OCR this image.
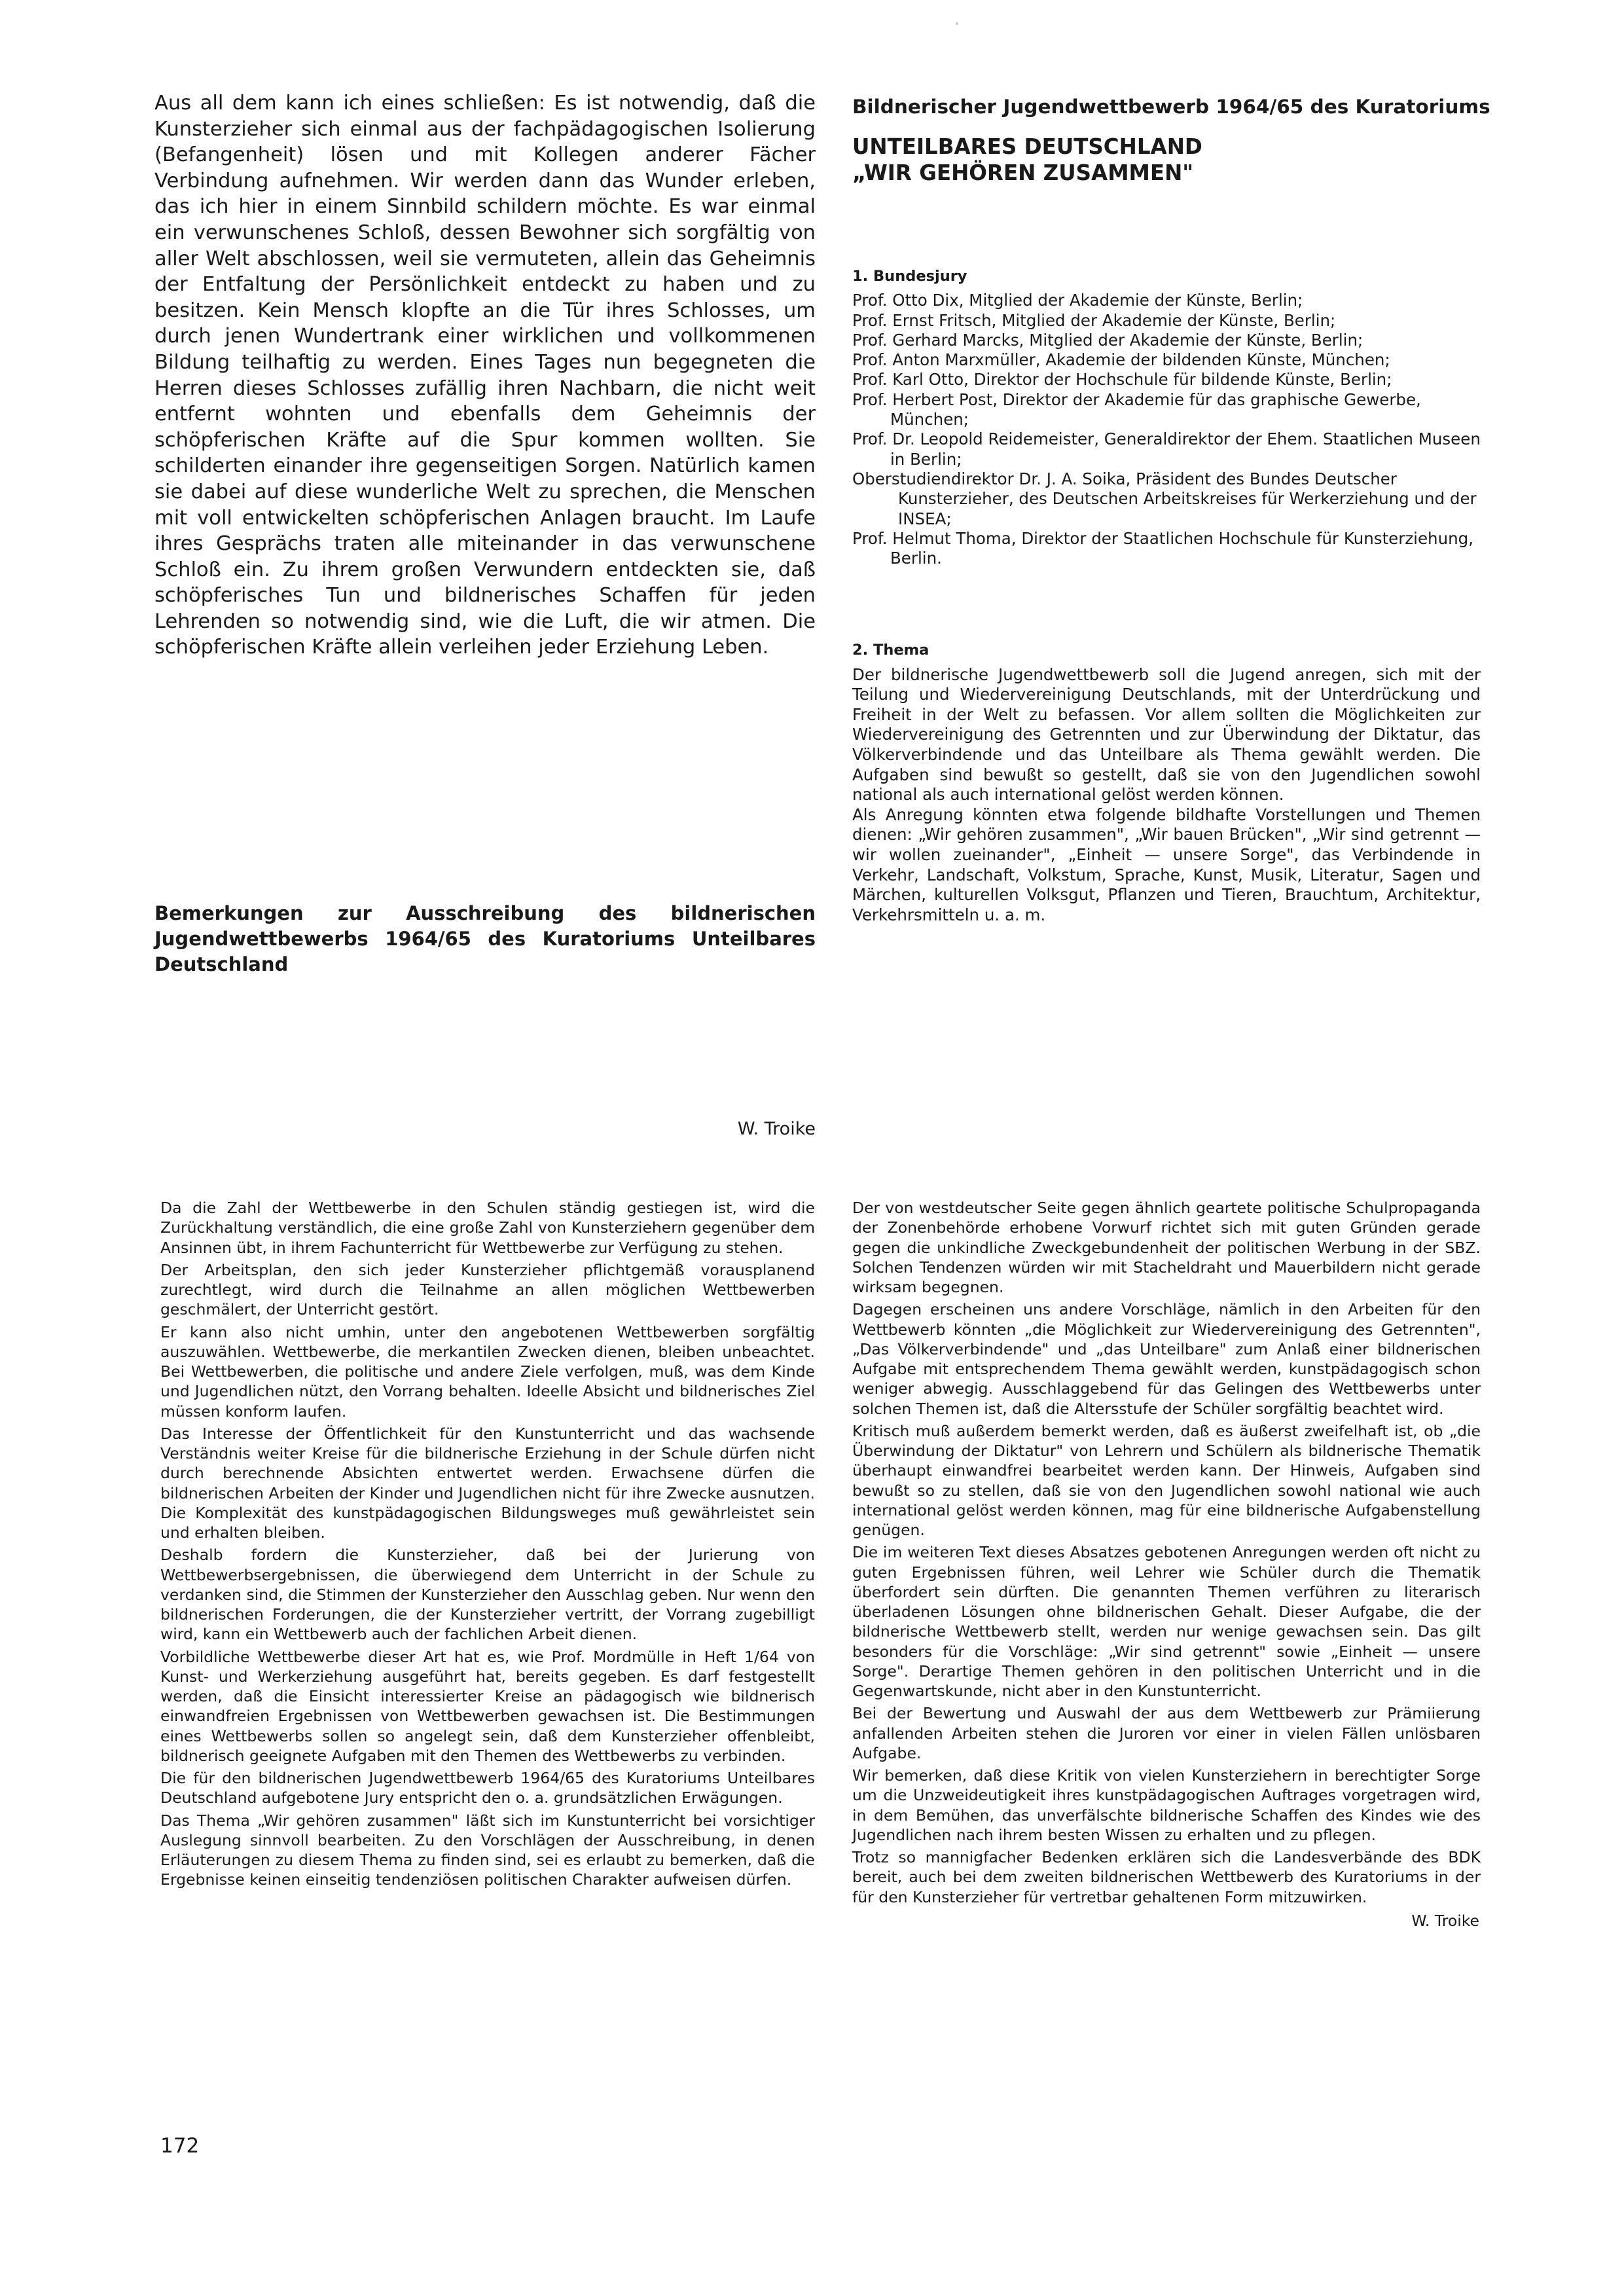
Aus all dem kann ich eines schließen: Es ist notwendig, daß die Kunsterzieher sich einmal aus der fachpädagogischen Isolierung (Befangenheit) lösen und mit Kollegen anderer Fächer Verbindung aufnehmen. Wir werden dann das Wunder erleben, das ich hier in einem Sinnbild schildern möchte. Es war einmal ein verwunschenes Schloß, dessen Bewohner sich sorgfältig von aller Welt abschlossen, weil sie vermuteten, allein das Geheimnis der Entfaltung der Persönlichkeit entdeckt zu haben und zu besitzen. Kein Mensch klopfte an die Tür ihres Schlosses, um durch jenen Wundertrank einer wirklichen und vollkommenen Bildung teilhaftig zu werden. Eines Tages nun begegneten die Herren dieses Schlosses zufällig ihren Nachbarn, die nicht weit entfernt wohnten und ebenfalls dem Geheimnis der schöpferischen Kräfte auf die Spur kommen wollten. Sie schilderten einander ihre gegenseitigen Sorgen. Natürlich kamen sie dabei auf diese wunderliche Welt zu sprechen, die Menschen mit voll entwickelten schöpferischen Anlagen braucht. Im Laufe ihres Gesprächs traten alle miteinander in das verwunschene Schloß ein. Zu ihrem großen Verwundern entdeckten sie, daß schöpferisches Tun und bildnerisches Schaffen für jeden Lehrenden so notwendig sind, wie die Luft, die wir atmen. Die schöpferischen Kräfte allein verleihen jeder Erziehung Leben.
Bemerkungen zur Ausschreibung des bildnerischen Jugendwettbewerbs 1964/65 des Kuratoriums Unteilbares Deutschland
W. Troike
Bildnerischer Jugendwettbewerb 1964/65 des Kuratoriums
UNTEILBARES DEUTSCHLAND
„WIR GEHÖREN ZUSAMMEN"
1. Bundesjury
Prof. Otto Dix, Mitglied der Akademie der Künste, Berlin;
Prof. Ernst Fritsch, Mitglied der Akademie der Künste, Berlin;
Prof. Gerhard Marcks, Mitglied der Akademie der Künste, Berlin;
Prof. Anton Marxmüller, Akademie der bildenden Künste, München;
Prof. Karl Otto, Direktor der Hochschule für bildende Künste, Berlin;
Prof. Herbert Post, Direktor der Akademie für das graphische Gewerbe, München;
Prof. Dr. Leopold Reidemeister, Generaldirektor der Ehem. Staatlichen Museen in Berlin;
Oberstudiendirektor Dr. J. A. Soika, Präsident des Bundes Deutscher Kunsterzieher, des Deutschen Arbeitskreises für Werkerziehung und der INSEA;
Prof. Helmut Thoma, Direktor der Staatlichen Hochschule für Kunsterziehung, Berlin.
2. Thema

Der bildnerische Jugendwettbewerb soll die Jugend anregen, sich mit der Teilung und Wiedervereinigung Deutschlands, mit der Unterdrückung und Freiheit in der Welt zu befassen. Vor allem sollten die Möglichkeiten zur Wiedervereinigung des Getrennten und zur Überwindung der Diktatur, das Völkerverbindende und das Unteilbare als Thema gewählt werden. Die Aufgaben sind bewußt so gestellt, daß sie von den Jugendlichen sowohl national als auch international gelöst werden können.

Als Anregung könnten etwa folgende bildhafte Vorstellungen und Themen dienen: „Wir gehören zusammen", „Wir bauen Brücken", „Wir sind getrennt — wir wollen zueinander", „Einheit — unsere Sorge", das Verbindende in Verkehr, Landschaft, Volkstum, Sprache, Kunst, Musik, Literatur, Sagen und Märchen, kulturellen Volksgut, Pflanzen und Tieren, Brauchtum, Architektur, Verkehrsmitteln u. a. m.

Da die Zahl der Wettbewerbe in den Schulen ständig gestiegen ist, wird die Zurückhaltung verständlich, die eine große Zahl von Kunsterziehern gegenüber dem Ansinnen übt, in ihrem Fachunterricht für Wettbewerbe zur Verfügung zu stehen.

Der Arbeitsplan, den sich jeder Kunsterzieher pflichtgemäß vorausplanend zurechtlegt, wird durch die Teilnahme an allen möglichen Wettbewerben geschmälert, der Unterricht gestört.

Er kann also nicht umhin, unter den angebotenen Wettbewerben sorgfältig auszuwählen. Wettbewerbe, die merkantilen Zwecken dienen, bleiben unbeachtet. Bei Wettbewerben, die politische und andere Ziele verfolgen, muß, was dem Kinde und Jugendlichen nützt, den Vorrang behalten. Ideelle Absicht und bildnerisches Ziel müssen konform laufen.

Das Interesse der Öffentlichkeit für den Kunstunterricht und das wachsende Verständnis weiter Kreise für die bildnerische Erziehung in der Schule dürfen nicht durch berechnende Absichten entwertet werden. Erwachsene dürfen die bildnerischen Arbeiten der Kinder und Jugendlichen nicht für ihre Zwecke ausnutzen. Die Komplexität des kunstpädagogischen Bildungsweges muß gewährleistet sein und erhalten bleiben.

Deshalb fordern die Kunsterzieher, daß bei der Jurierung von Wettbewerbsergebnissen, die überwiegend dem Unterricht in der Schule zu verdanken sind, die Stimmen der Kunsterzieher den Ausschlag geben. Nur wenn den bildnerischen Forderungen, die der Kunsterzieher vertritt, der Vorrang zugebilligt wird, kann ein Wettbewerb auch der fachlichen Arbeit dienen.

Vorbildliche Wettbewerbe dieser Art hat es, wie Prof. Mordmülle in Heft 1/64 von Kunst- und Werkerziehung ausgeführt hat, bereits gegeben. Es darf festgestellt werden, daß die Einsicht interessierter Kreise an pädagogisch wie bildnerisch einwandfreien Ergebnissen von Wettbewerben gewachsen ist. Die Bestimmungen eines Wettbewerbs sollen so angelegt sein, daß dem Kunsterzieher offenbleibt, bildnerisch geeignete Aufgaben mit den Themen des Wettbewerbs zu verbinden.

Die für den bildnerischen Jugendwettbewerb 1964/65 des Kuratoriums Unteilbares Deutschland aufgebotene Jury entspricht den o. a. grundsätzlichen Erwägungen.

Das Thema „Wir gehören zusammen" läßt sich im Kunstunterricht bei vorsichtiger Auslegung sinnvoll bearbeiten. Zu den Vorschlägen der Ausschreibung, in denen Erläuterungen zu diesem Thema zu finden sind, sei es erlaubt zu bemerken, daß die Ergebnisse keinen einseitig tendenziösen politischen Charakter aufweisen dürfen.

Der von westdeutscher Seite gegen ähnlich geartete politische Schulpropaganda der Zonenbehörde erhobene Vorwurf richtet sich mit guten Gründen gerade gegen die unkindliche Zweckgebundenheit der politischen Werbung in der SBZ. Solchen Tendenzen würden wir mit Stacheldraht und Mauerbildern nicht gerade wirksam begegnen.

Dagegen erscheinen uns andere Vorschläge, nämlich in den Arbeiten für den Wettbewerb könnten „die Möglichkeit zur Wiedervereinigung des Getrennten", „Das Völkerverbindende" und „das Unteilbare" zum Anlaß einer bildnerischen Aufgabe mit entsprechendem Thema gewählt werden, kunstpädagogisch schon weniger abwegig. Ausschlaggebend für das Gelingen des Wettbewerbs unter solchen Themen ist, daß die Altersstufe der Schüler sorgfältig beachtet wird.

Kritisch muß außerdem bemerkt werden, daß es äußerst zweifelhaft ist, ob „die Überwindung der Diktatur" von Lehrern und Schülern als bildnerische Thematik überhaupt einwandfrei bearbeitet werden kann. Der Hinweis, Aufgaben sind bewußt so zu stellen, daß sie von den Jugendlichen sowohl national wie auch international gelöst werden können, mag für eine bildnerische Aufgabenstellung genügen.

Die im weiteren Text dieses Absatzes gebotenen Anregungen werden oft nicht zu guten Ergebnissen führen, weil Lehrer wie Schüler durch die Thematik überfordert sein dürften. Die genannten Themen verführen zu literarisch überladenen Lösungen ohne bildnerischen Gehalt. Dieser Aufgabe, die der bildnerische Wettbewerb stellt, werden nur wenige gewachsen sein. Das gilt besonders für die Vorschläge: „Wir sind getrennt" sowie „Einheit — unsere Sorge". Derartige Themen gehören in den politischen Unterricht und in die Gegenwartskunde, nicht aber in den Kunstunterricht.

Bei der Bewertung und Auswahl der aus dem Wettbewerb zur Prämiierung anfallenden Arbeiten stehen die Juroren vor einer in vielen Fällen unlösbaren Aufgabe.

Wir bemerken, daß diese Kritik von vielen Kunsterziehern in berechtigter Sorge um die Unzweideutigkeit ihres kunstpädagogischen Auftrages vorgetragen wird, in dem Bemühen, das unverfälschte bildnerische Schaffen des Kindes wie des Jugendlichen nach ihrem besten Wissen zu erhalten und zu pflegen.

Trotz so mannigfacher Bedenken erklären sich die Landesverbände des BDK bereit, auch bei dem zweiten bildnerischen Wettbewerb des Kuratoriums in der für den Kunsterzieher für vertretbar gehaltenen Form mitzuwirken.

W. Troike
172
